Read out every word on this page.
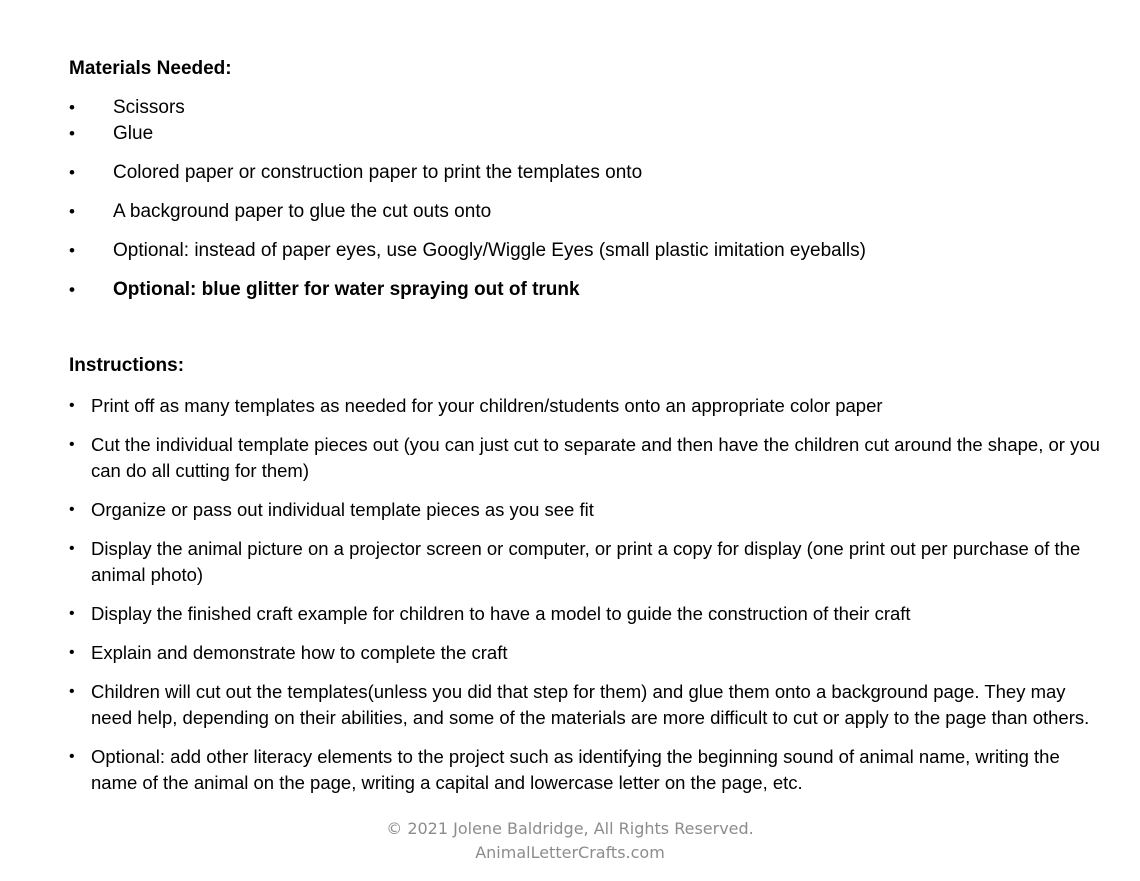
Materials Needed:
•	Scissors
•	Glue
•	Colored paper or construction paper to print the templates onto
•	A background paper to glue the cut outs onto
•	Optional: instead of paper eyes, use Googly/Wiggle Eyes (small plastic imitation eyeballs)
•	Optional: blue glitter for water spraying out of trunk
Instructions:
• Print off as many templates as needed for your children/students onto an appropriate color paper
• Cut the individual template pieces out (you can just cut to separate and then have the children cut around the shape, or you can do all cutting for them)
• Organize or pass out individual template pieces as you see fit
• Display the animal picture on a projector screen or computer, or print a copy for display (one print out per purchase of the animal photo)
• Display the finished craft example for children to have a model to guide the construction of their craft
• Explain and demonstrate how to complete the craft
• Children will cut out the templates(unless you did that step for them) and glue them onto a background page. They may need help, depending on their abilities, and some of the materials are more difficult to cut or apply to the page than others.
• Optional: add other literacy elements to the project such as identifying the beginning sound of animal name, writing the name of the animal on the page, writing a capital and lowercase letter on the page, etc.
© 2021 Jolene Baldridge, All Rights Reserved.
AnimalLetterCrafts.com
